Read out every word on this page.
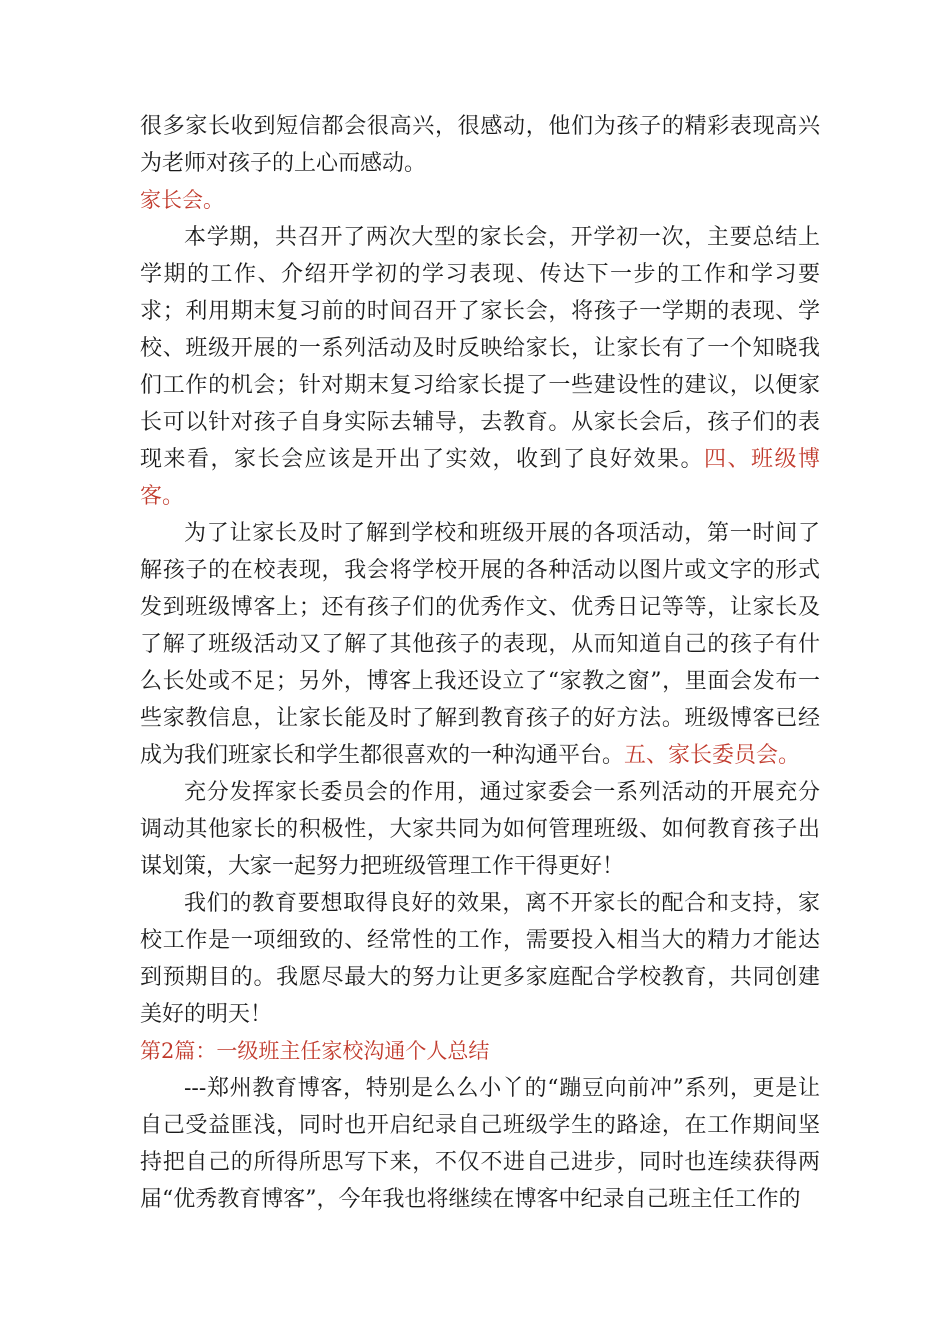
很多家长收到短信都会很高兴，很感动，他们为孩子的精彩表现高兴为老师对孩子的上心而感动。

家长会。

本学期，共召开了两次大型的家长会，开学初一次，主要总结上学期的工作、介绍开学初的学习表现、传达下一步的工作和学习要求；利用期末复习前的时间召开了家长会，将孩子一学期的表现、学校、班级开展的一系列活动及时反映给家长，让家长有了一个知晓我们工作的机会；针对期末复习给家长提了一些建设性的建议，以便家长可以针对孩子自身实际去辅导，去教育。从家长会后，孩子们的表现来看，家长会应该是开出了实效，收到了良好效果。四、班级博客。

为了让家长及时了解到学校和班级开展的各项活动，第一时间了解孩子的在校表现，我会将学校开展的各种活动以图片或文字的形式发到班级博客上；还有孩子们的优秀作文、优秀日记等等，让家长及了解了班级活动又了解了其他孩子的表现，从而知道自己的孩子有什么长处或不足；另外，博客上我还设立了“家教之窗”，里面会发布一些家教信息，让家长能及时了解到教育孩子的好方法。班级博客已经成为我们班家长和学生都很喜欢的一种沟通平台。五、家长委员会。

充分发挥家长委员会的作用，通过家委会一系列活动的开展充分调动其他家长的积极性，大家共同为如何管理班级、如何教育孩子出谋划策，大家一起努力把班级管理工作干得更好！

我们的教育要想取得良好的效果，离不开家长的配合和支持，家校工作是一项细致的、经常性的工作，需要投入相当大的精力才能达到预期目的。我愿尽最大的努力让更多家庭配合学校教育，共同创建美好的明天！

第2篇：一级班主任家校沟通个人总结

---郑州教育博客，特别是么么小丫的“蹦豆向前冲”系列，更是让自己受益匪浅，同时也开启纪录自己班级学生的路途，在工作期间坚持把自己的所得所思写下来，不仅不进自己进步，同时也连续获得两届“优秀教育博客”，今年我也将继续在博客中纪录自己班主任工作的
